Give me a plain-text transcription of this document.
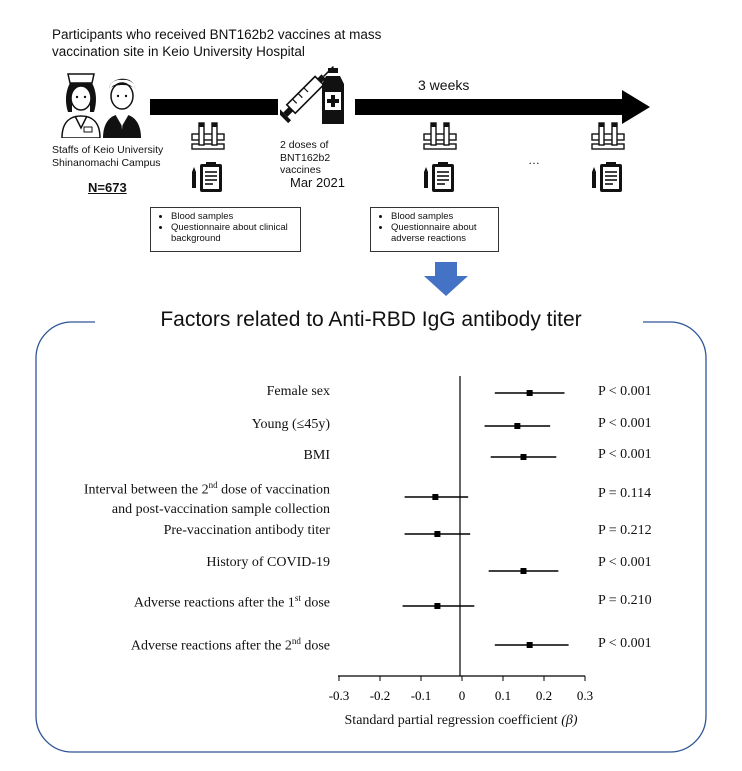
Participants who received BNT162b2 vaccines at mass
vaccination site in Keio University Hospital
Staffs of Keio University
Shinanomachi Campus
N=673
3 weeks
2 doses of
BNT162b2
vaccines
Mar 2021
…
• Blood samples
• Questionnaire about clinical background
• Blood samples
• Questionnaire about adverse reactions
Factors related to Anti-RBD IgG antibody titer
Female sex
Young (≤45y)
BMI
Interval between the 2nd dose of vaccination
and post-vaccination sample collection
Pre-vaccination antibody titer
History of COVID-19
Adverse reactions after the 1st dose
Adverse reactions after the 2nd dose
P < 0.001
P < 0.001
P < 0.001
P = 0.114
P = 0.212
P < 0.001
P = 0.210
P < 0.001
-0.3 -0.2 -0.1 0 0.1 0.2 0.3
Standard partial regression coefficient (β)
